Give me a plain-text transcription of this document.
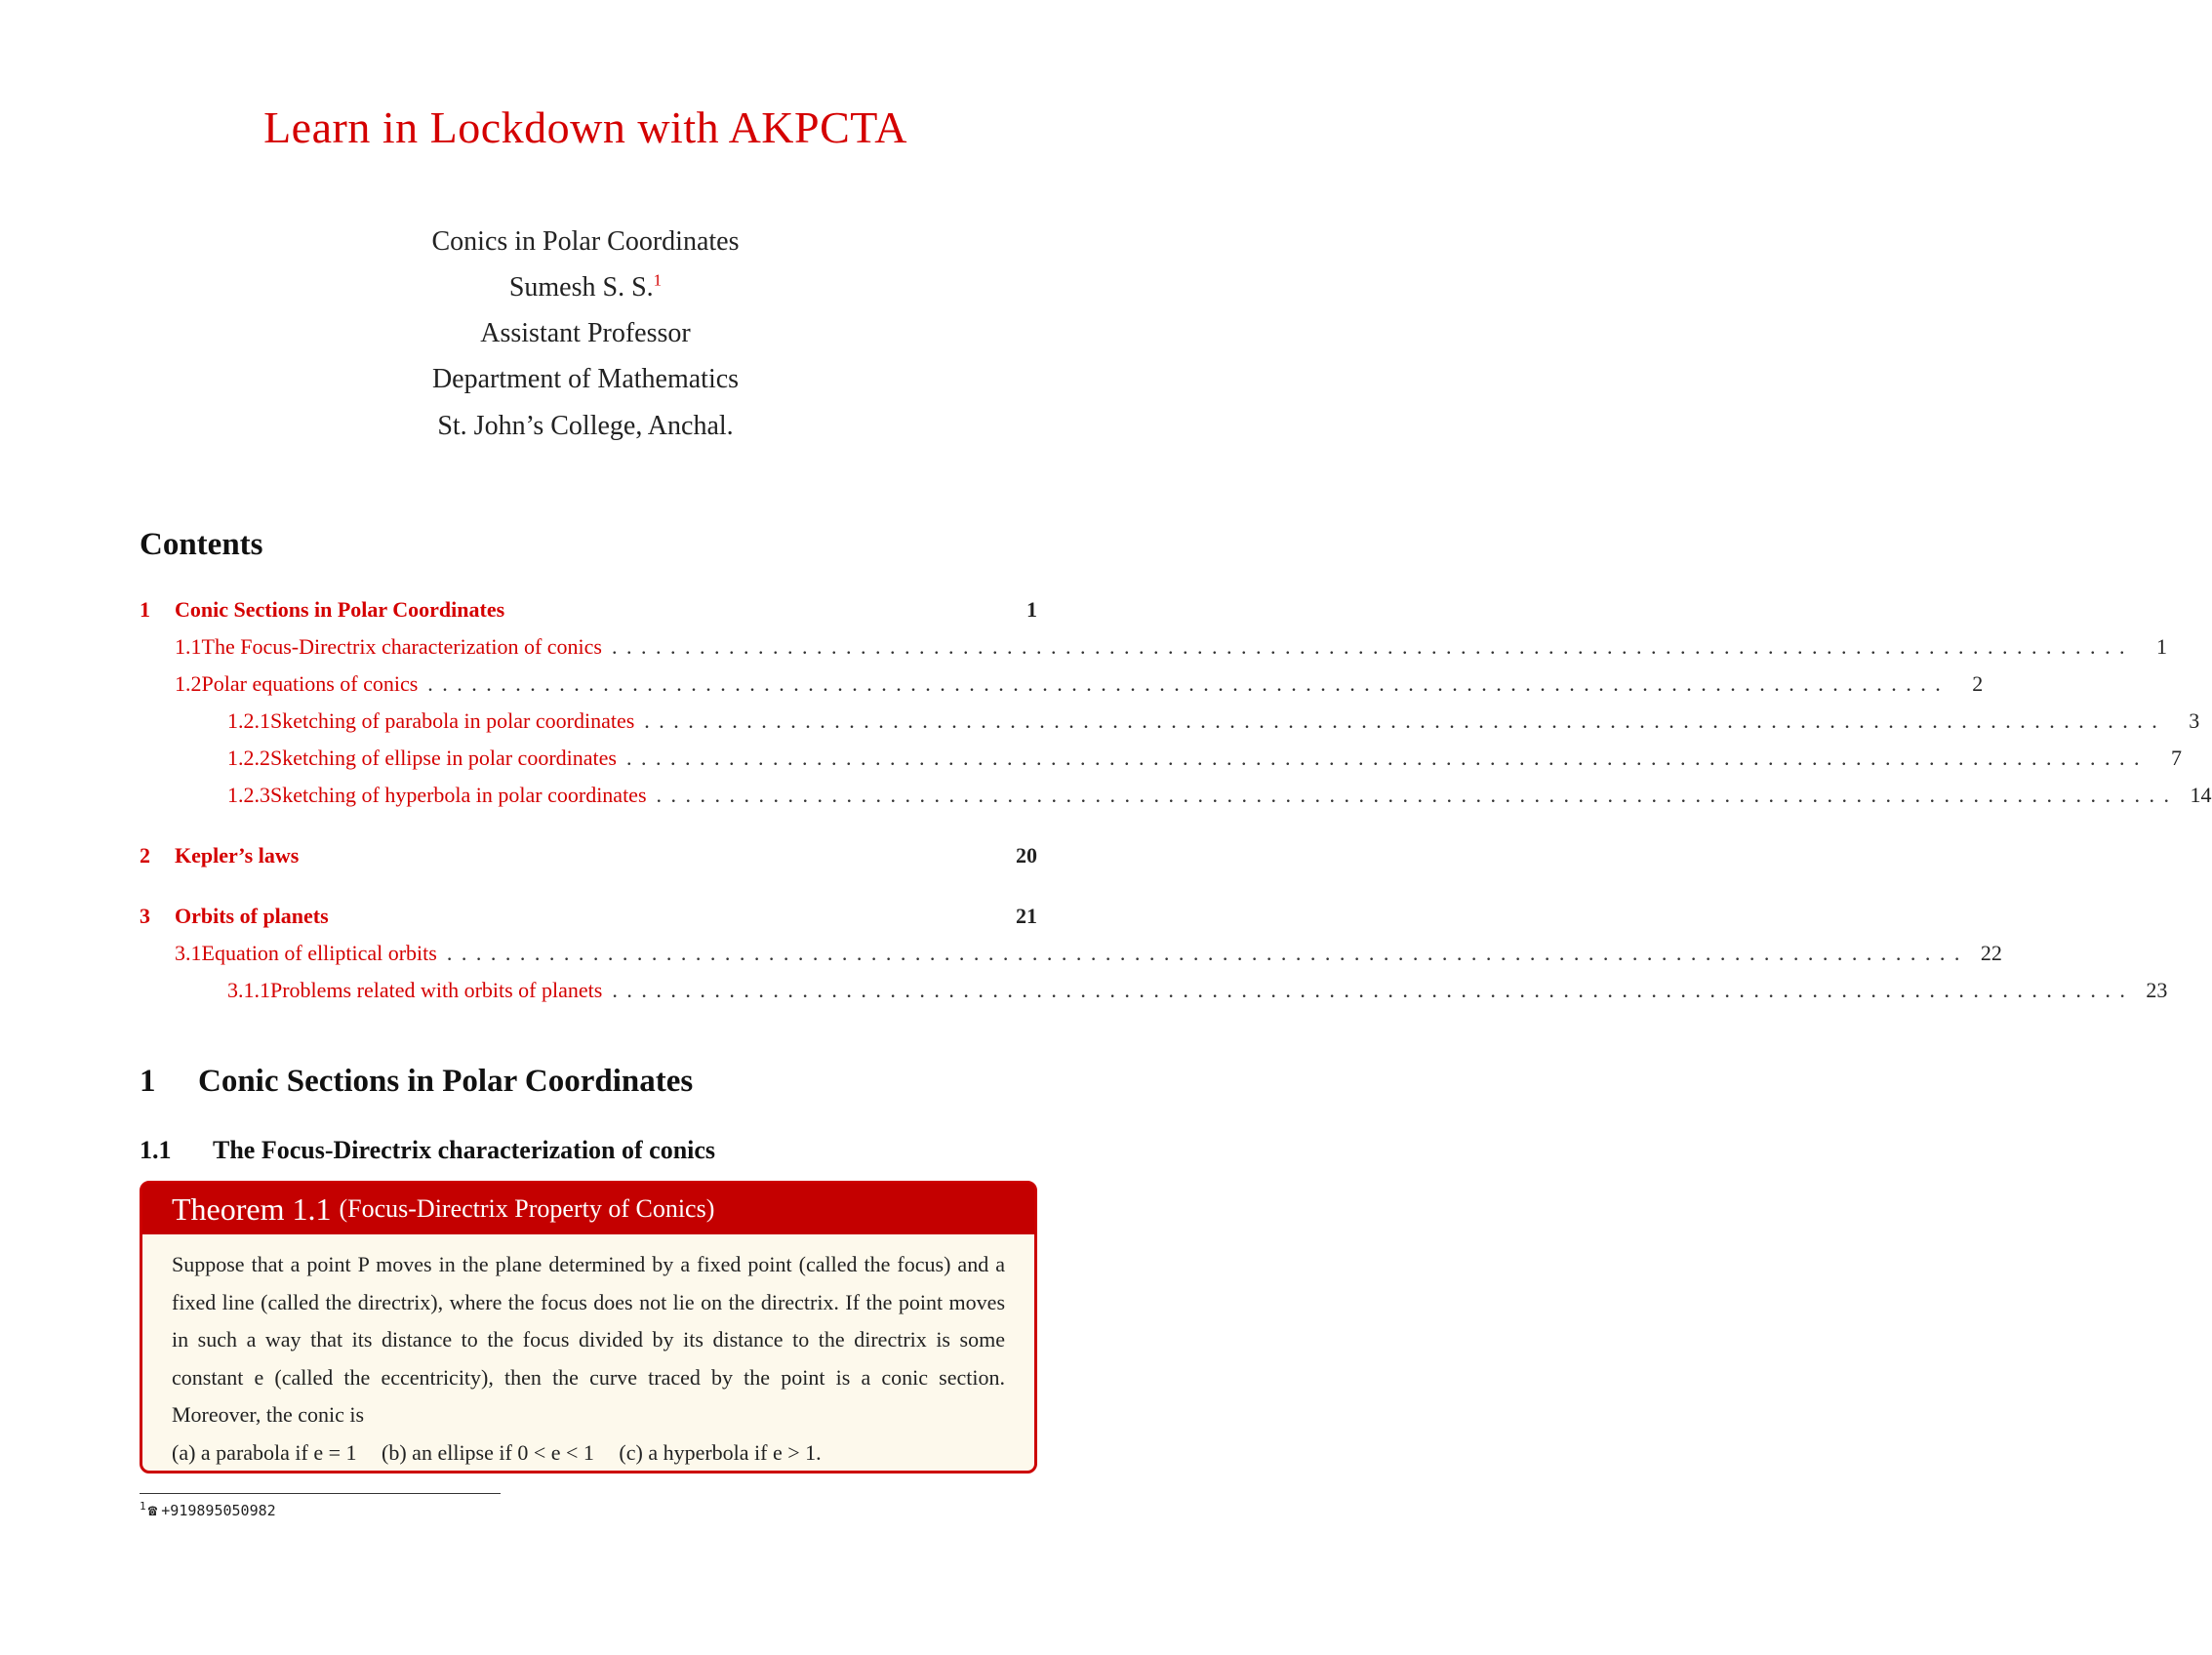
Learn in Lockdown with AKPCTA
Conics in Polar Coordinates
Sumesh S. S.$^1$
Assistant Professor
Department of Mathematics
St. John’s College, Anchal.
Contents
1	Conic Sections in Polar Coordinates	1
1.1 The Focus-Directrix characterization of conics ........................................................................................................	1
1.2 Polar equations of conics ........................................................................................................	2
1.2.1 Sketching of parabola in polar coordinates ........................................................................................................	3
1.2.2 Sketching of ellipse in polar coordinates ........................................................................................................	7
1.2.3 Sketching of hyperbola in polar coordinates ........................................................................................................ 14
2	Kepler’s laws	20
3	Orbits of planets	21
3.1 Equation of elliptical orbits ........................................................................................................ 22
3.1.1 Problems related with orbits of planets ........................................................................................................ 23
1 Conic Sections in Polar Coordinates
1.1 The Focus-Directrix characterization of conics
Theorem 1.1 (Focus-Directrix Property of Conics)
Suppose that a point P moves in the plane determined by a fixed point (called the focus) and a fixed line (called the directrix), where the focus does not lie on the directrix. If the point moves in such a way that its distance to the focus divided by its distance to the directrix is some constant e (called the eccentricity), then the curve traced by the point is a conic section. Moreover, the conic is
(a) a parabola if e = 1 (b) an ellipse if 0 < e < 1 (c) a hyperbola if e > 1.
$^1$ ☎ +919895050982
